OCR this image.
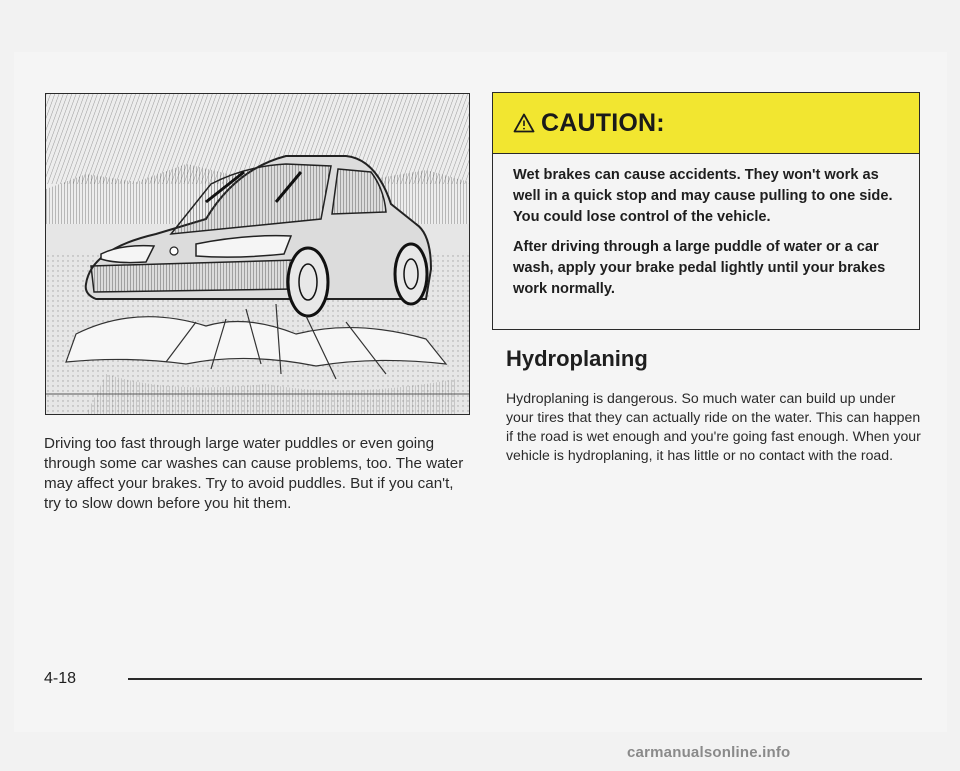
Driving too fast through large water puddles or even going through some car washes can cause problems, too. The water may affect your brakes. Try to avoid puddles. But if you can't, try to slow down before you hit them.

CAUTION:

Wet brakes can cause accidents. They won't work as well in a quick stop and may cause pulling to one side. You could lose control of the vehicle.

After driving through a large puddle of water or a car wash, apply your brake pedal lightly until your brakes work normally.

Hydroplaning

Hydroplaning is dangerous. So much water can build up under your tires that they can actually ride on the water. This can happen if the road is wet enough and you're going fast enough. When your vehicle is hydroplaning, it has little or no contact with the road.

4-18
carmanualsonline.info
